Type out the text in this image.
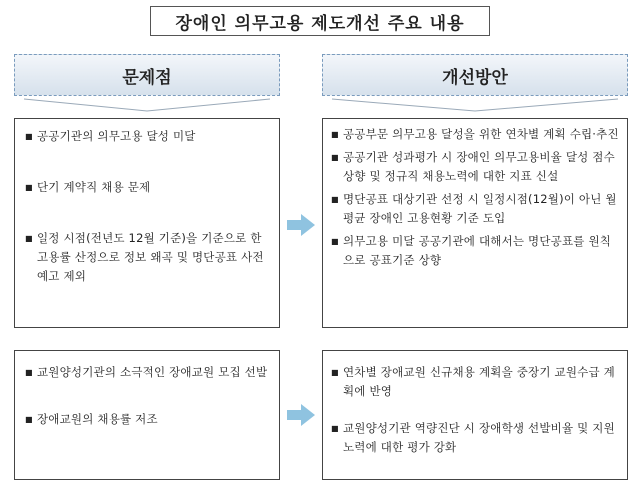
장애인 의무고용 제도개선 주요 내용
문제점	개선방안
■ 공공기관의 의무고용 달성 미달
■ 단기 계약직 채용 문제
■ 일정 시점(전년도 12월 기준)을 기준으로 한 고용률 산정으로 정보 왜곡 및 명단공표 사전예고 제외
■ 공공부문 의무고용 달성을 위한 연차별 계획 수립·추진
■ 공공기관 성과평가 시 장애인 의무고용비율 달성 점수 상향 및 정규직 채용노력에 대한 지표 신설
■ 명단공표 대상기관 선정 시 일정시점(12월)이 아닌 월평균 장애인 고용현황 기준 도입
■ 의무고용 미달 공공기관에 대해서는 명단공표를 원칙으로 공표기준 상향
■ 교원양성기관의 소극적인 장애교원 모집 선발
■ 장애교원의 채용률 저조
■ 연차별 장애교원 신규채용 계획을 중장기 교원수급 계획에 반영
■ 교원양성기관 역량진단 시 장애학생 선발비율 및 지원 노력에 대한 평가 강화
